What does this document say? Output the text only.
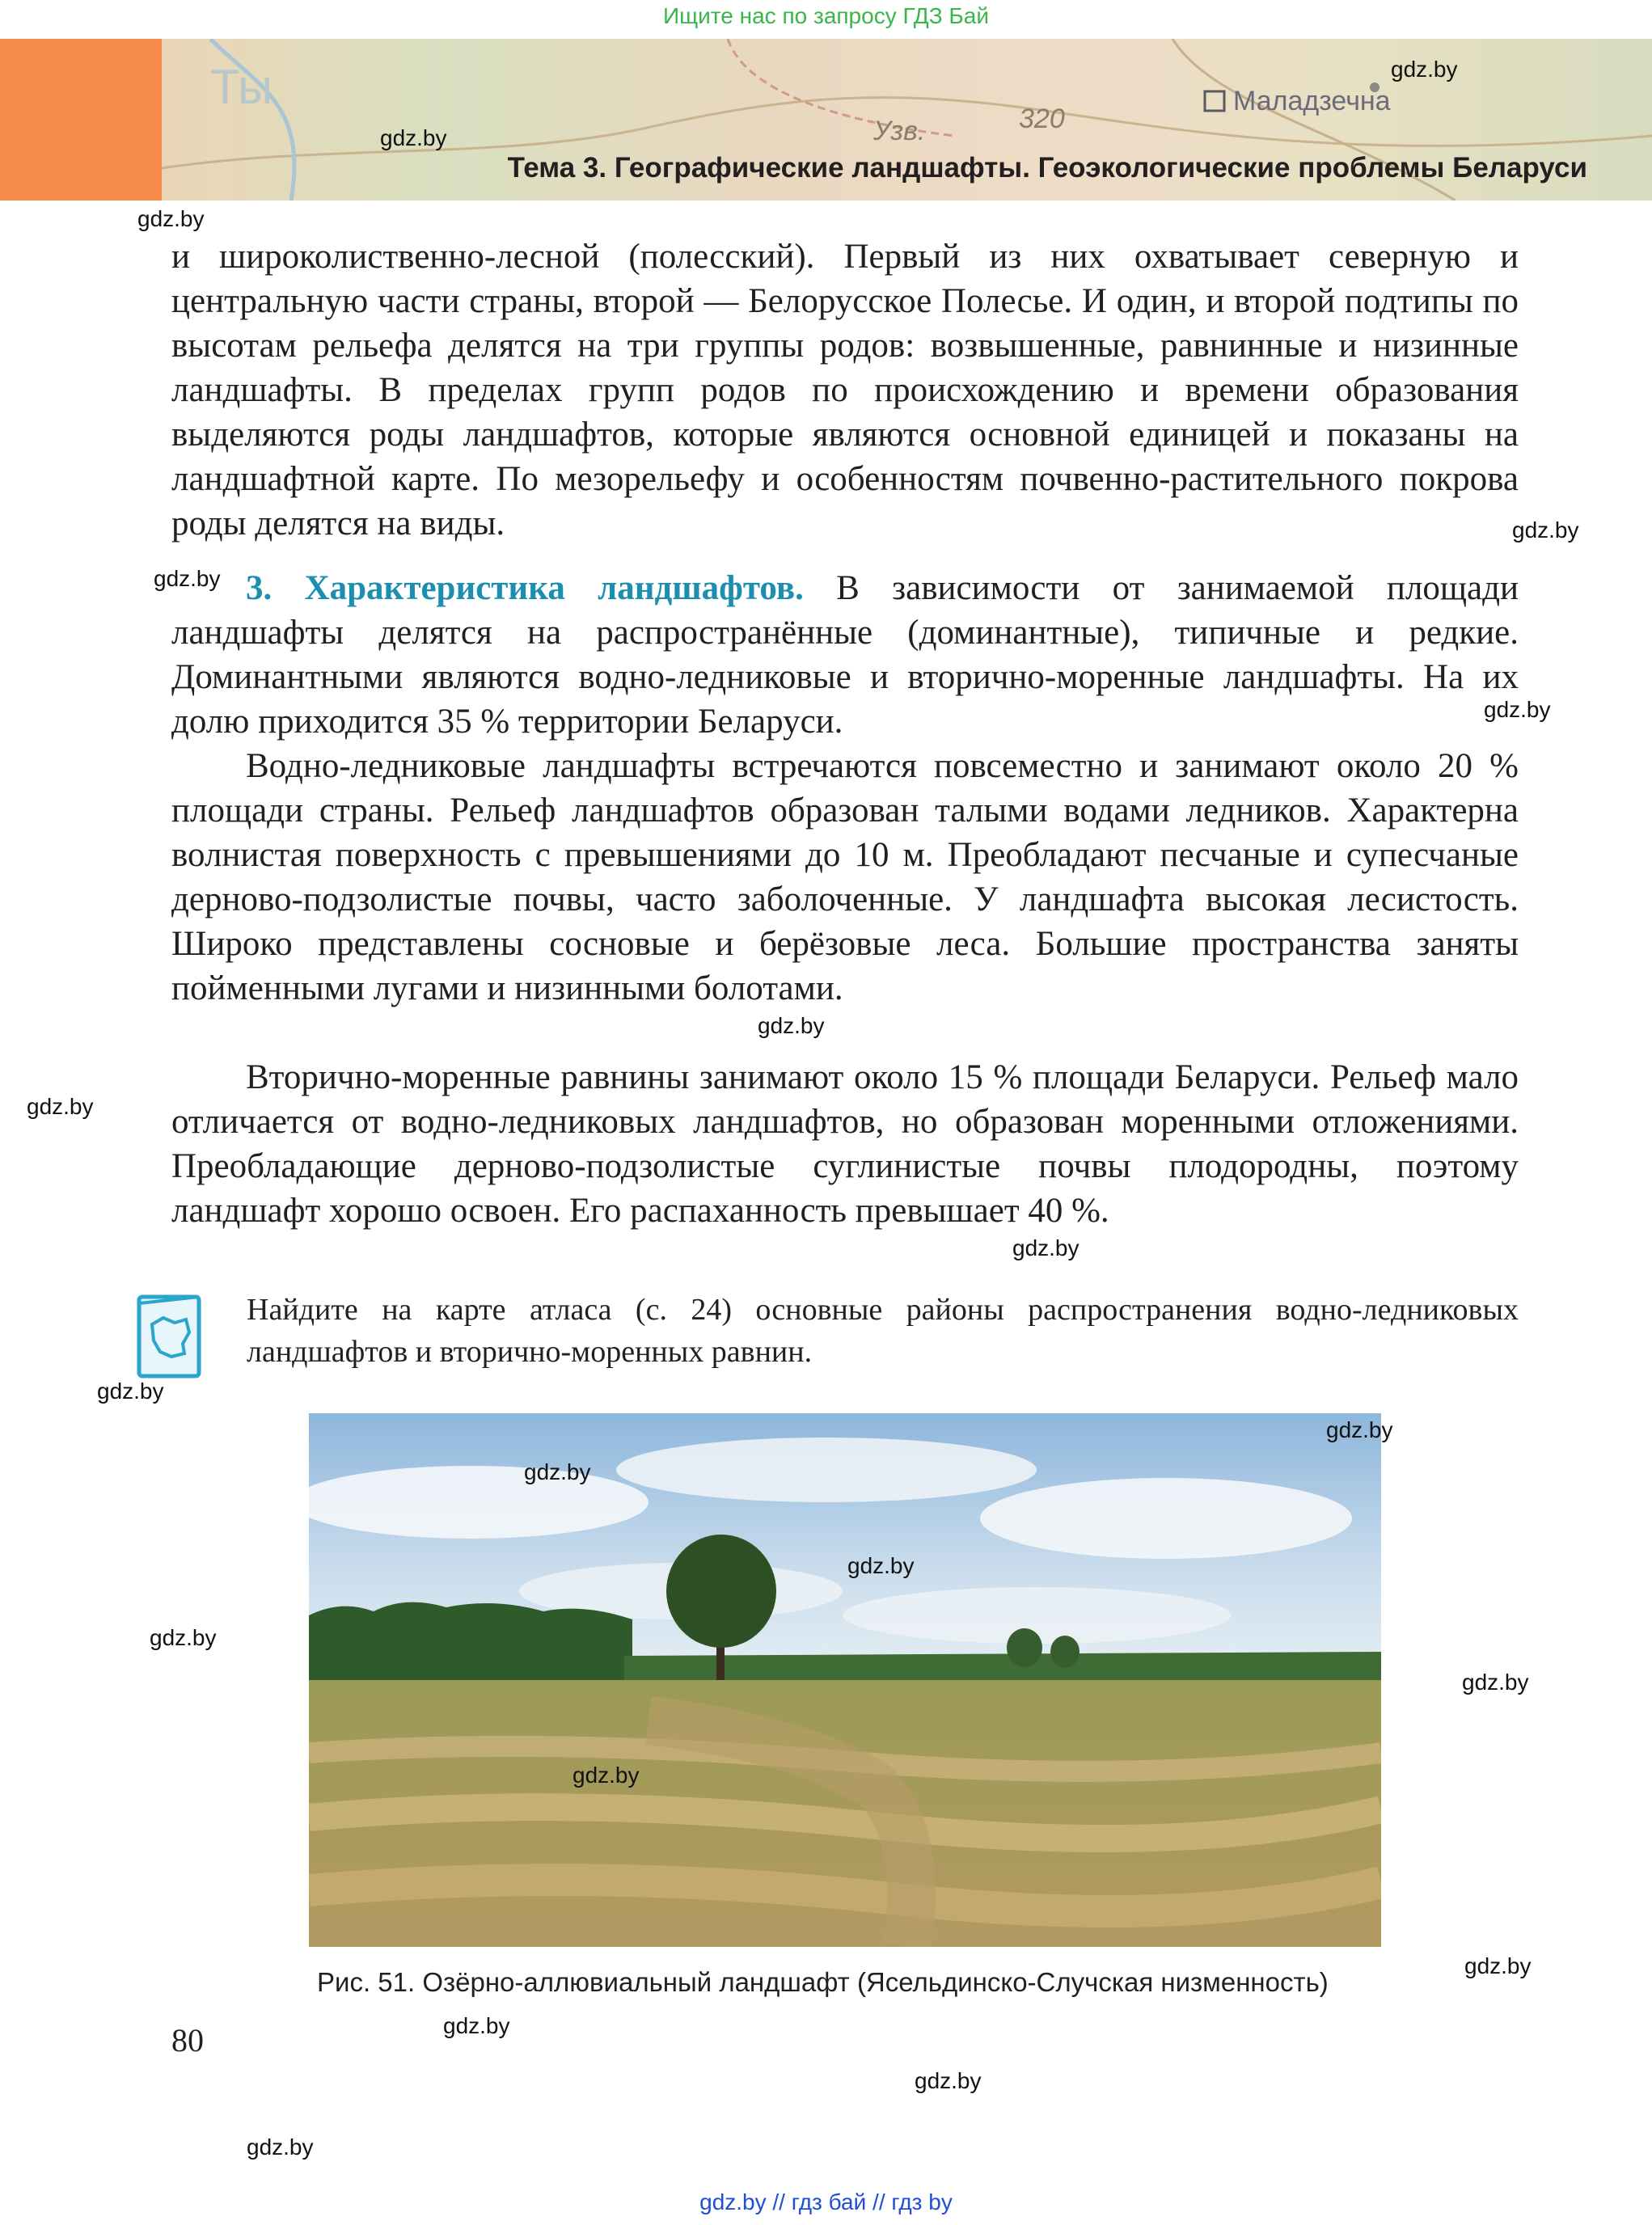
Ищите нас по запросу ГДЗ Бай
Маладзечна
320
Узв.
Ты
Тема 3. Географические ландшафты. Геоэкологические проблемы Беларуси

и широколиственно-лесной (полесский). Первый из них охватывает северную и центральную части страны, второй — Белорусское Полесье. И один, и второй подтипы по высотам рельефа делятся на три группы родов: возвышенные, равнинные и низинные ландшафты. В пределах групп родов по происхождению и времени образования выделяются роды ландшафтов, которые являются основной единицей и показаны на ландшафтной карте. По мезорельефу и особенностям почвенно-растительного покрова роды делятся на виды.

3. Характеристика ландшафтов. В зависимости от занимаемой площади ландшафты делятся на распространённые (доминантные), типичные и редкие. Доминантными являются водно-ледниковые и вторично-моренные ландшафты. На их долю приходится 35 % территории Беларуси.

Водно-ледниковые ландшафты встречаются повсеместно и занимают около 20 % площади страны. Рельеф ландшафтов образован талыми водами ледников. Характерна волнистая поверхность с превышениями до 10 м. Преобладают песчаные и супесчаные дерново-подзолистые почвы, часто заболоченные. У ландшафта высокая лесистость. Широко представлены сосновые и берёзовые леса. Большие пространства заняты пойменными лугами и низинными болотами.

Вторично-моренные равнины занимают около 15 % площади Беларуси. Рельеф мало отличается от водно-ледниковых ландшафтов, но образован моренными отложениями. Преобладающие дерново-подзолистые суглинистые почвы плодородны, поэтому ландшафт хорошо освоен. Его распаханность превышает 40 %.

Найдите на карте атласа (с. 24) основные районы распространения водно-ледниковых ландшафтов и вторично-моренных равнин.

Рис. 51. Озёрно-аллювиальный ландшафт (Ясельдинско-Случская низменность)
80
gdz.by
gdz.by
gdz.by
gdz.by
gdz.by
gdz.by
gdz.by
gdz.by
gdz.by
gdz.by
gdz.by
gdz.by
gdz.by
gdz.by
gdz.by
gdz.by
gdz.by
gdz.by
gdz.by
gdz.by
gdz.by // гдз бай // гдз by
